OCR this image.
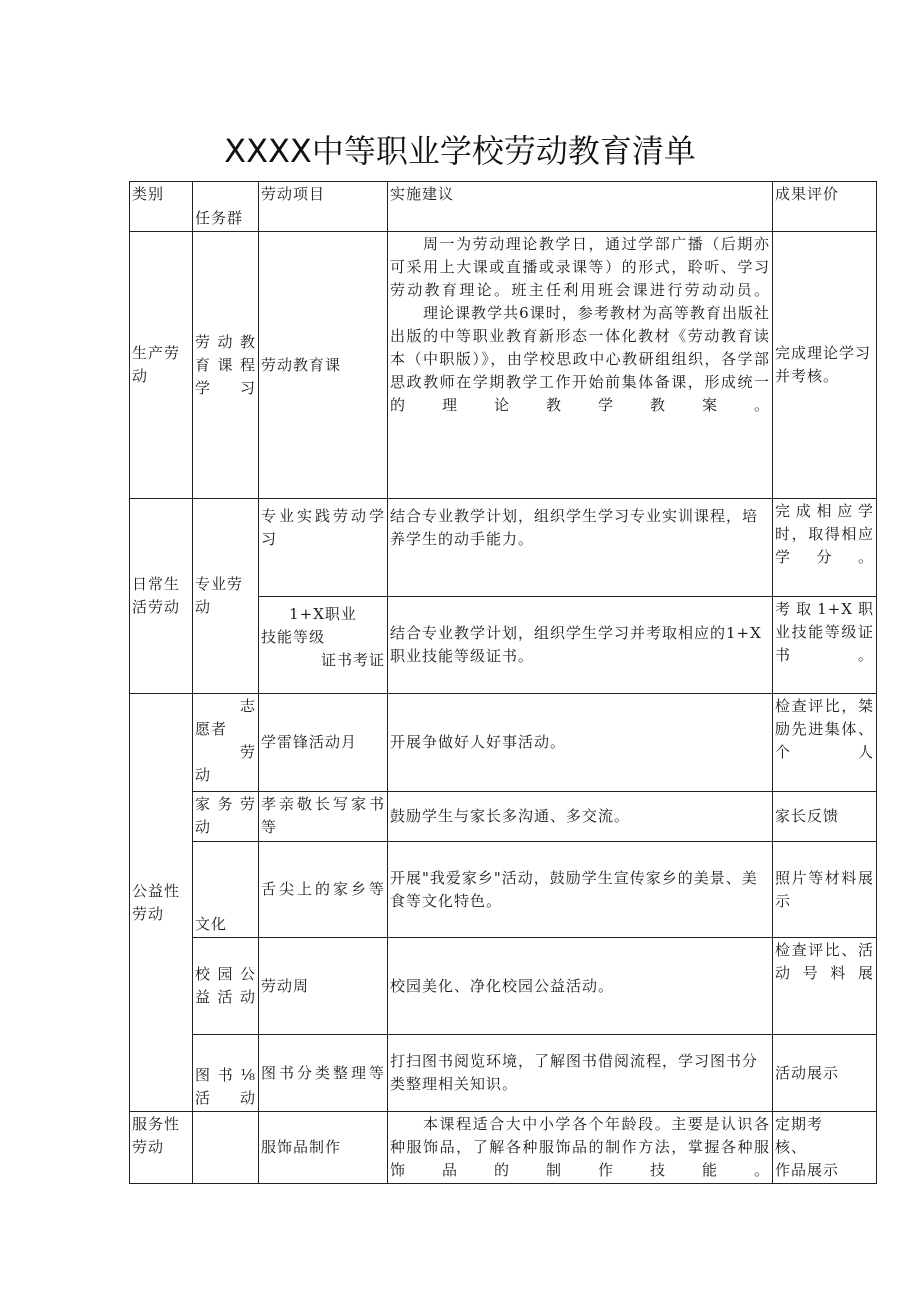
XXXX中等职业学校劳动教育清单
类别	任务群	劳动项目	实施建议	成果评价
生产劳动	劳动教育课程学习	劳动教育课	周一为劳动理论教学日，通过学部广播（后期亦可采用上大课或直播或录课等）的形式，聆听、学习劳动教育理论。班主任利用班会课进行劳动动员。

理论课教学共6课时，参考教材为高等教育出版社出版的中等职业教育新形态一体化教材《劳动教育读本（中职版）》，由学校思政中心教研组组织，各学部思政教师在学期教学工作开始前集体备课，形成统一的理论教学教案。	完成理论学习并考核。
日常生活劳动	专业劳动	专业实践劳动学习	结合专业教学计划，组织学生学习专业实训课程，培养学生的动手能力。	完成相应学时，取得相应学分。

		1+X职业
技能等级
证书考证	结合专业教学计划，组织学生学习并考取相应的1+X职业技能等级证书。	考取1+X职业技能等级证书。
公益性劳动	志
愿者
劳
动	学雷锋活动月	开展争做好人好事活动。	检查评比，桀励先进集体、个人
	家务劳动	孝亲敬长写家书等	鼓励学生与家长多沟通、多交流。	家长反馈
	文化	舌尖上的家乡等	开展"我爱家乡"活动，鼓励学生宣传家乡的美景、美食等文化特色。	照片等材料展示
	校园公益活动	劳动周	校园美化、净化校园公益活动。	检查评比、活动号料展
	图书⅛活动	图书分类整理等	打扫图书阅览环境，了解图书借阅流程，学习图书分类整理相关知识。	活动展示
服务性劳动		服饰品制作	本课程适合大中小学各个年龄段。主要是认识各种服饰品，了解各种服饰品的制作方法，掌握各种服饰品的制作技能。	定期考
核、
作品展示
